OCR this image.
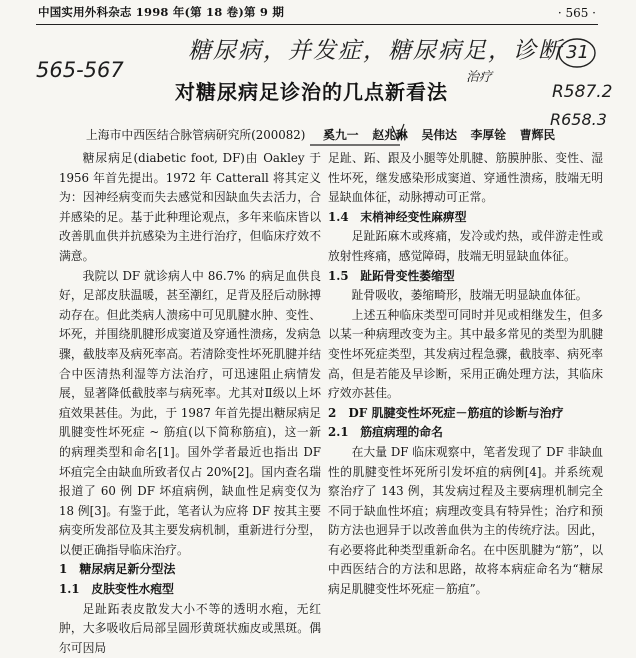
中国实用外科杂志 1998 年(第 18 卷)第 9 期	· 565 ·
糖尿病，并发症，糖尿病足，诊断
565-567
31
R587.2
R658.3
治疗
对糖尿病足诊治的几点新看法
上海市中西医结合脉管病研究所(200082) 奚九一 赵兆琳 吴伟达 李厚铨 曹辉民

糖尿病足(diabetic foot, DF)由 Oakley 于 1956 年首先提出。1972 年 Catterall 将其定义为：因神经病变而失去感觉和因缺血失去活力，合并感染的足。基于此种理论观点，多年来临床皆以改善肌血供并抗感染为主进行治疗，但临床疗效不满意。

我院以 DF 就诊病人中 86.7% 的病足血供良好，足部皮肤温暖，甚至潮红，足背及胫后动脉搏动存在。但此类病人溃疡中可见肌腱水肿、变性、坏死，并围绕肌腱形成窦道及穿通性溃疡，发病急骤，截肢率及病死率高。若清除变性坏死肌腱并结合中医清热利湿等方法治疗，可迅速阻止病情发展，显著降低截肢率与病死率。尤其对Ⅱ级以上坏疽效果甚佳。为此，于 1987 年首先提出糖尿病足肌腱变性坏死症 ~ 筋疽(以下简称筋疽)，这一新的病理类型和命名[1]。国外学者最近也指出 DF 坏疽完全由缺血所致者仅占 20%[2]。国内查名瑞报道了 60 例 DF 坏疽病例，缺血性足病变仅为 18 例[3]。有鉴于此，笔者认为应将 DF 按其主要病变所发部位及其主要发病机制，重新进行分型，以便正确指导临床治疗。

1　糖尿病足新分型法
1.1　皮肤变性水疱型

足趾跖表皮散发大小不等的透明水疱，无红肿，大多吸收后局部呈圆形黄斑状痂皮或黑斑。偶尔可因局

足趾、跖、跟及小腿等处肌腱、筋膜肿胀、变性、湿性坏死，继发感染形成窦道、穿通性溃疡，肢端无明显缺血体征，动脉搏动可正常。

1.4　末梢神经变性麻痹型

足趾跖麻木或疼痛，发冷或灼热，或伴游走性或放射性疼痛，感觉障碍，肢端无明显缺血体征。

1.5　趾跖骨变性萎缩型

趾骨吸收，萎缩畸形，肢端无明显缺血体征。

上述五种临床类型可同时并见或相继发生，但多以某一种病理改变为主。其中最多常见的类型为肌腱变性坏死症类型，其发病过程急骤，截肢率、病死率高，但是若能及早诊断，采用正确处理方法，其临床疗效亦甚佳。

2　DF 肌腱变性坏死症－筋疽的诊断与治疗
2.1　筋疽病理的命名

在大量 DF 临床观察中，笔者发现了 DF 非缺血性的肌腱变性坏死所引发坏疽的病例[4]。并系统观察治疗了 143 例，其发病过程及主要病理机制完全不同于缺血性坏疽；病理改变具有特异性；治疗和预防方法也迥异于以改善血供为主的传统疗法。因此，有必要将此种类型重新命名。在中医肌腱为“筋”，以中西医结合的方法和思路，故将本病症命名为“糖尿病足肌腱变性坏死症－筋疽”。
